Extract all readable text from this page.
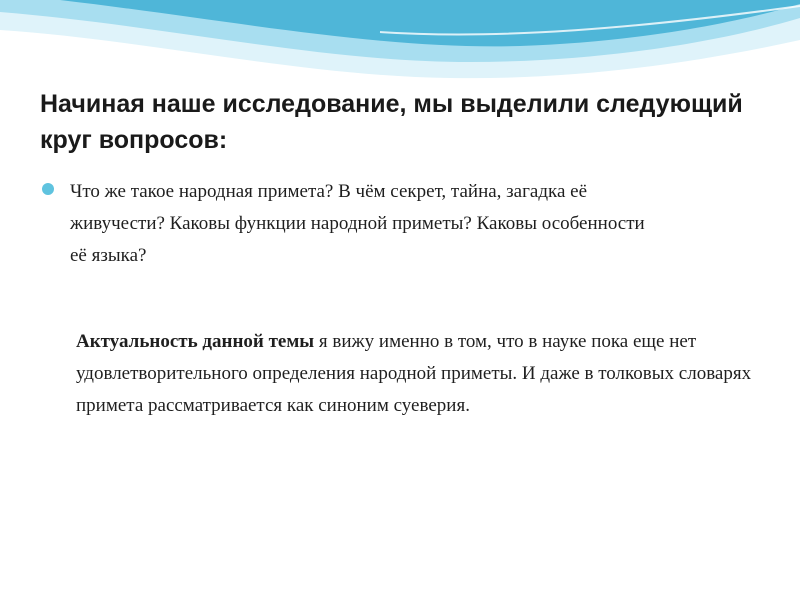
Начиная наше исследование, мы выделили следующий круг вопросов:

Что же такое народная примета? В чём секрет, тайна, загадка её живучести? Каковы функции народной приметы? Каковы особенности её языка?

Актуальность данной темы я вижу именно в том, что в науке пока еще нет удовлетворительного определения народной приметы. И даже в толковых словарях примета рассматривается как синоним суеверия.
